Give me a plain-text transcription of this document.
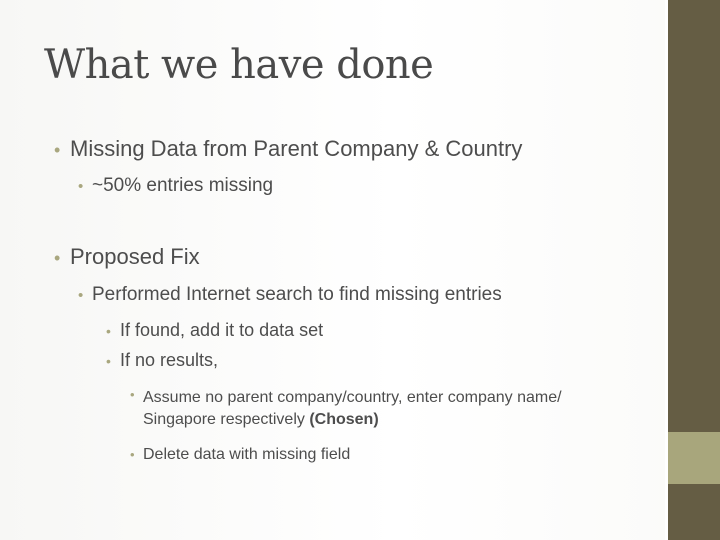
What we have done
• Missing Data from Parent Company & Country
• ~50% entries missing
• Proposed Fix
• Performed Internet search to find missing entries
• If found, add it to data set
• If no results,
• Assume no parent company/country, enter company name/ Singapore respectively (Chosen)
• Delete data with missing field
